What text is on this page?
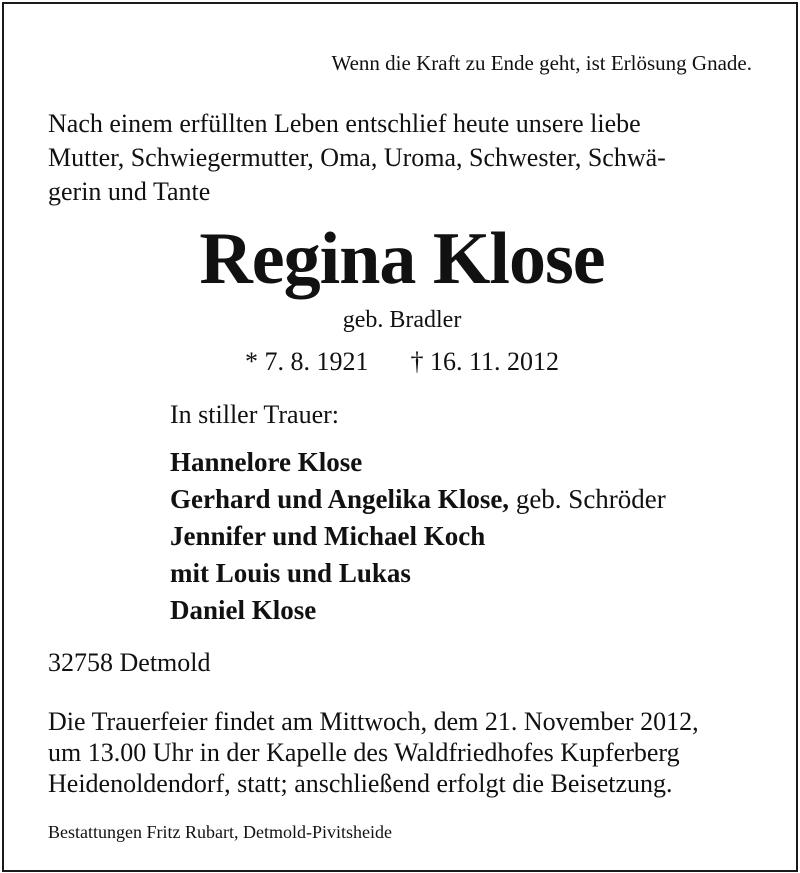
Wenn die Kraft zu Ende geht, ist Erlösung Gnade.
Nach einem erfüllten Leben entschlief heute unsere liebe
Mutter, Schwiegermutter, Oma, Uroma, Schwester, Schwä-
gerin und Tante
Regina Klose
geb. Bradler
* 7. 8. 1921 † 16. 11. 2012
In stiller Trauer:
Hannelore Klose
Gerhard und Angelika Klose, geb. Schröder
Jennifer und Michael Koch
mit Louis und Lukas
Daniel Klose
32758 Detmold
Die Trauerfeier findet am Mittwoch, dem 21. November 2012,
um 13.00 Uhr in der Kapelle des Waldfriedhofes Kupferberg
Heidenoldendorf, statt; anschließend erfolgt die Beisetzung.
Bestattungen Fritz Rubart, Detmold-Pivitsheide
